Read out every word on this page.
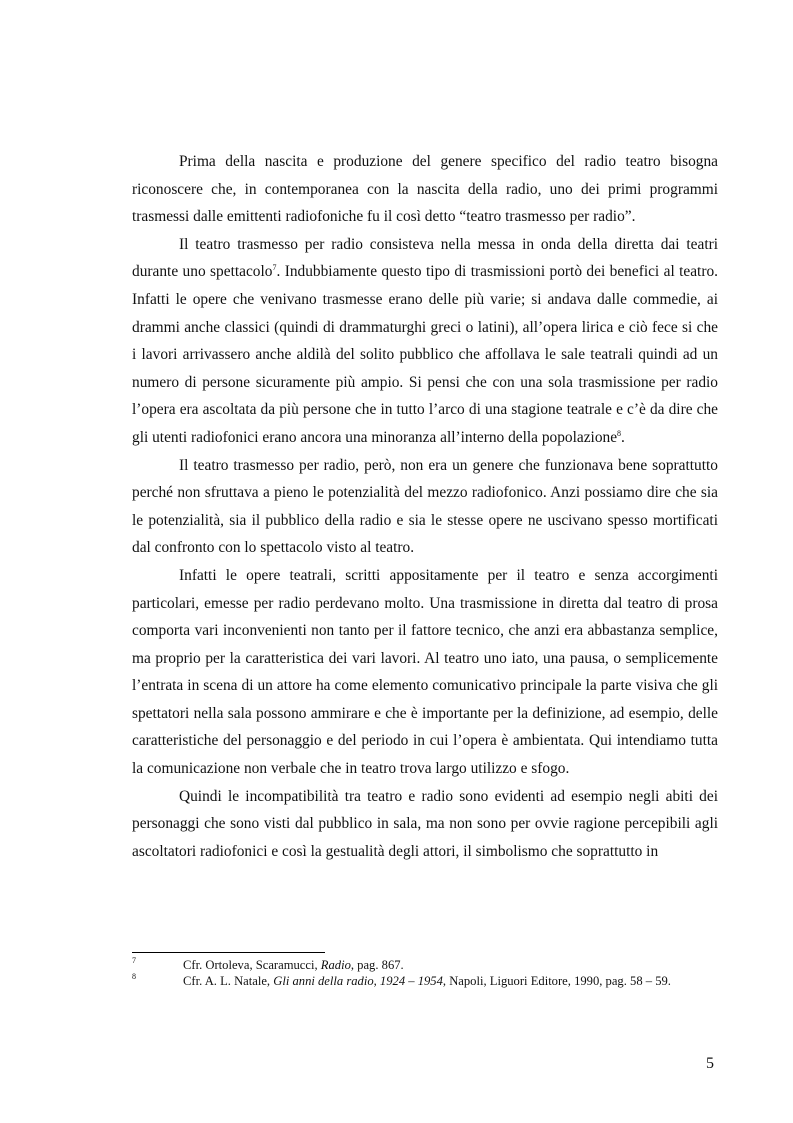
Prima della nascita e produzione del genere specifico del radio teatro bisogna riconoscere che, in contemporanea con la nascita della radio, uno dei primi programmi trasmessi dalle emittenti radiofoniche fu il così detto “teatro trasmesso per radio”.

Il teatro trasmesso per radio consisteva nella messa in onda della diretta dai teatri durante uno spettacolo$^7$. Indubbiamente questo tipo di trasmissioni portò dei benefici al teatro. Infatti le opere che venivano trasmesse erano delle più varie; si andava dalle commedie, ai drammi anche classici (quindi di drammaturghi greci o latini), all’opera lirica e ciò fece si che i lavori arrivassero anche aldilà del solito pubblico che affollava le sale teatrali quindi ad un numero di persone sicuramente più ampio. Si pensi che con una sola trasmissione per radio l’opera era ascoltata da più persone che in tutto l’arco di una stagione teatrale e c’è da dire che gli utenti radiofonici erano ancora una minoranza all’interno della popolazione$^8$.

Il teatro trasmesso per radio, però, non era un genere che funzionava bene soprattutto perché non sfruttava a pieno le potenzialità del mezzo radiofonico. Anzi possiamo dire che sia le potenzialità, sia il pubblico della radio e sia le stesse opere ne uscivano spesso mortificati dal confronto con lo spettacolo visto al teatro.

Infatti le opere teatrali, scritti appositamente per il teatro e senza accorgimenti particolari, emesse per radio perdevano molto. Una trasmissione in diretta dal teatro di prosa comporta vari inconvenienti non tanto per il fattore tecnico, che anzi era abbastanza semplice, ma proprio per la caratteristica dei vari lavori. Al teatro uno iato, una pausa, o semplicemente l’entrata in scena di un attore ha come elemento comunicativo principale la parte visiva che gli spettatori nella sala possono ammirare e che è importante per la definizione, ad esempio, delle caratteristiche del personaggio e del periodo in cui l’opera è ambientata. Qui intendiamo tutta la comunicazione non verbale che in teatro trova largo utilizzo e sfogo.

Quindi le incompatibilità tra teatro e radio sono evidenti ad esempio negli abiti dei personaggi che sono visti dal pubblico in sala, ma non sono per ovvie ragione percepibili agli ascoltatori radiofonici e così la gestualità degli attori, il simbolismo che soprattutto in

7	Cfr. Ortoleva, Scaramucci, Radio, pag. 867.
8	Cfr. A. L. Natale, Gli anni della radio, 1924 – 1954, Napoli, Liguori Editore, 1990, pag. 58 – 59.
5
